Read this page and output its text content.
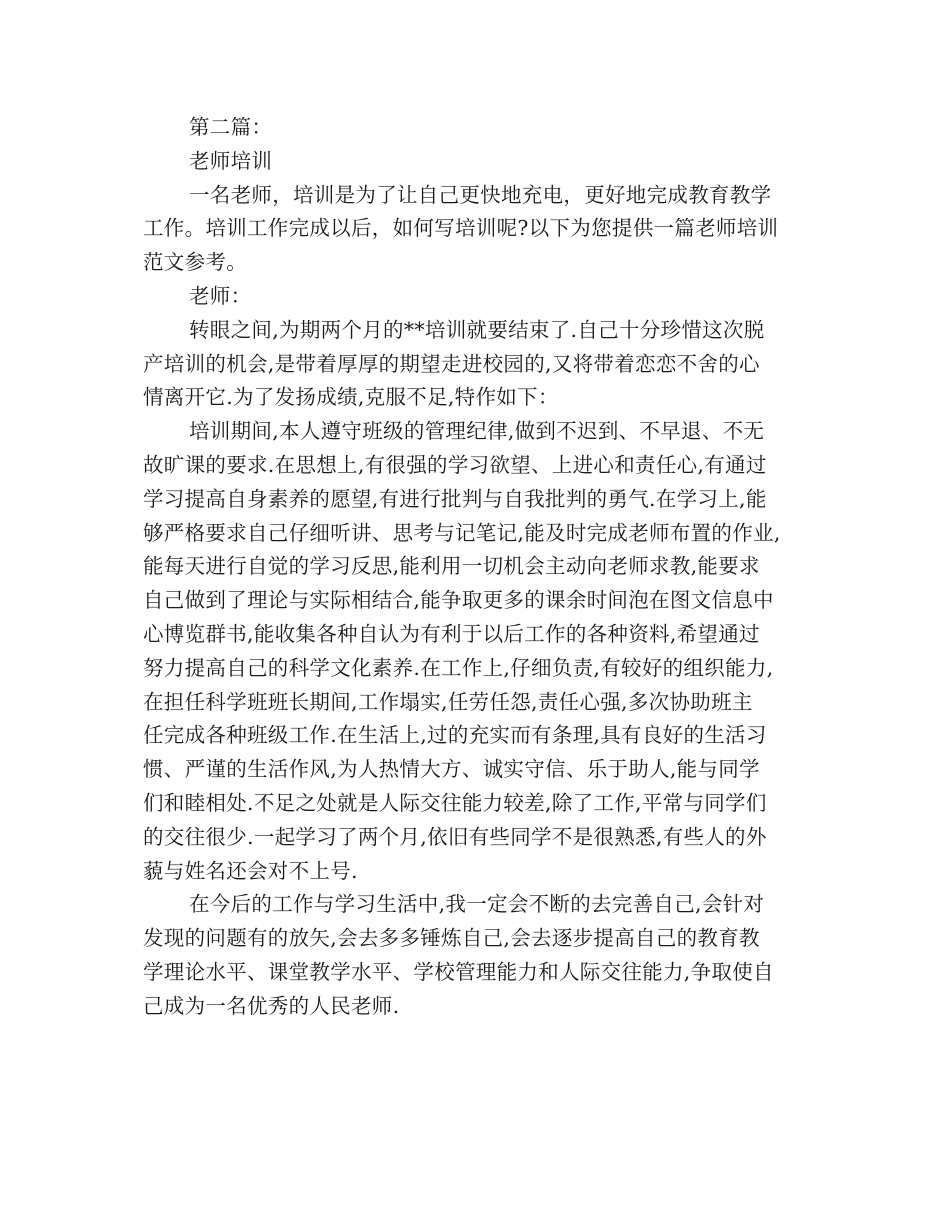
第二篇：
老师培训
一名老师，培训是为了让自己更快地充电，更好地完成教育教学
工作。培训工作完成以后，如何写培训呢?以下为您提供一篇老师培训
范文参考。
老师：
转眼之间,为期两个月的**培训就要结束了.自己十分珍惜这次脱
产培训的机会,是带着厚厚的期望走进校园的,又将带着恋恋不舍的心
情离开它.为了发扬成绩,克服不足,特作如下：
培训期间,本人遵守班级的管理纪律,做到不迟到、不早退、不无
故旷课的要求.在思想上,有很强的学习欲望、上进心和责任心,有通过
学习提高自身素养的愿望,有进行批判与自我批判的勇气.在学习上,能
够严格要求自己仔细听讲、思考与记笔记,能及时完成老师布置的作业,
能每天进行自觉的学习反思,能利用一切机会主动向老师求教,能要求
自己做到了理论与实际相结合,能争取更多的课余时间泡在图文信息中
心博览群书,能收集各种自认为有利于以后工作的各种资料,希望通过
努力提高自己的科学文化素养.在工作上,仔细负责,有较好的组织能力,
在担任科学班班长期间,工作塌实,任劳任怨,责任心强,多次协助班主
任完成各种班级工作.在生活上,过的充实而有条理,具有良好的生活习
惯、严谨的生活作风,为人热情大方、诚实守信、乐于助人,能与同学
们和睦相处.不足之处就是人际交往能力较差,除了工作,平常与同学们
的交往很少.一起学习了两个月,依旧有些同学不是很熟悉,有些人的外
藐与姓名还会对不上号.
在今后的工作与学习生活中,我一定会不断的去完善自己,会针对
发现的问题有的放矢,会去多多锤炼自己,会去逐步提高自己的教育教
学理论水平、课堂教学水平、学校管理能力和人际交往能力,争取使自
己成为一名优秀的人民老师.
